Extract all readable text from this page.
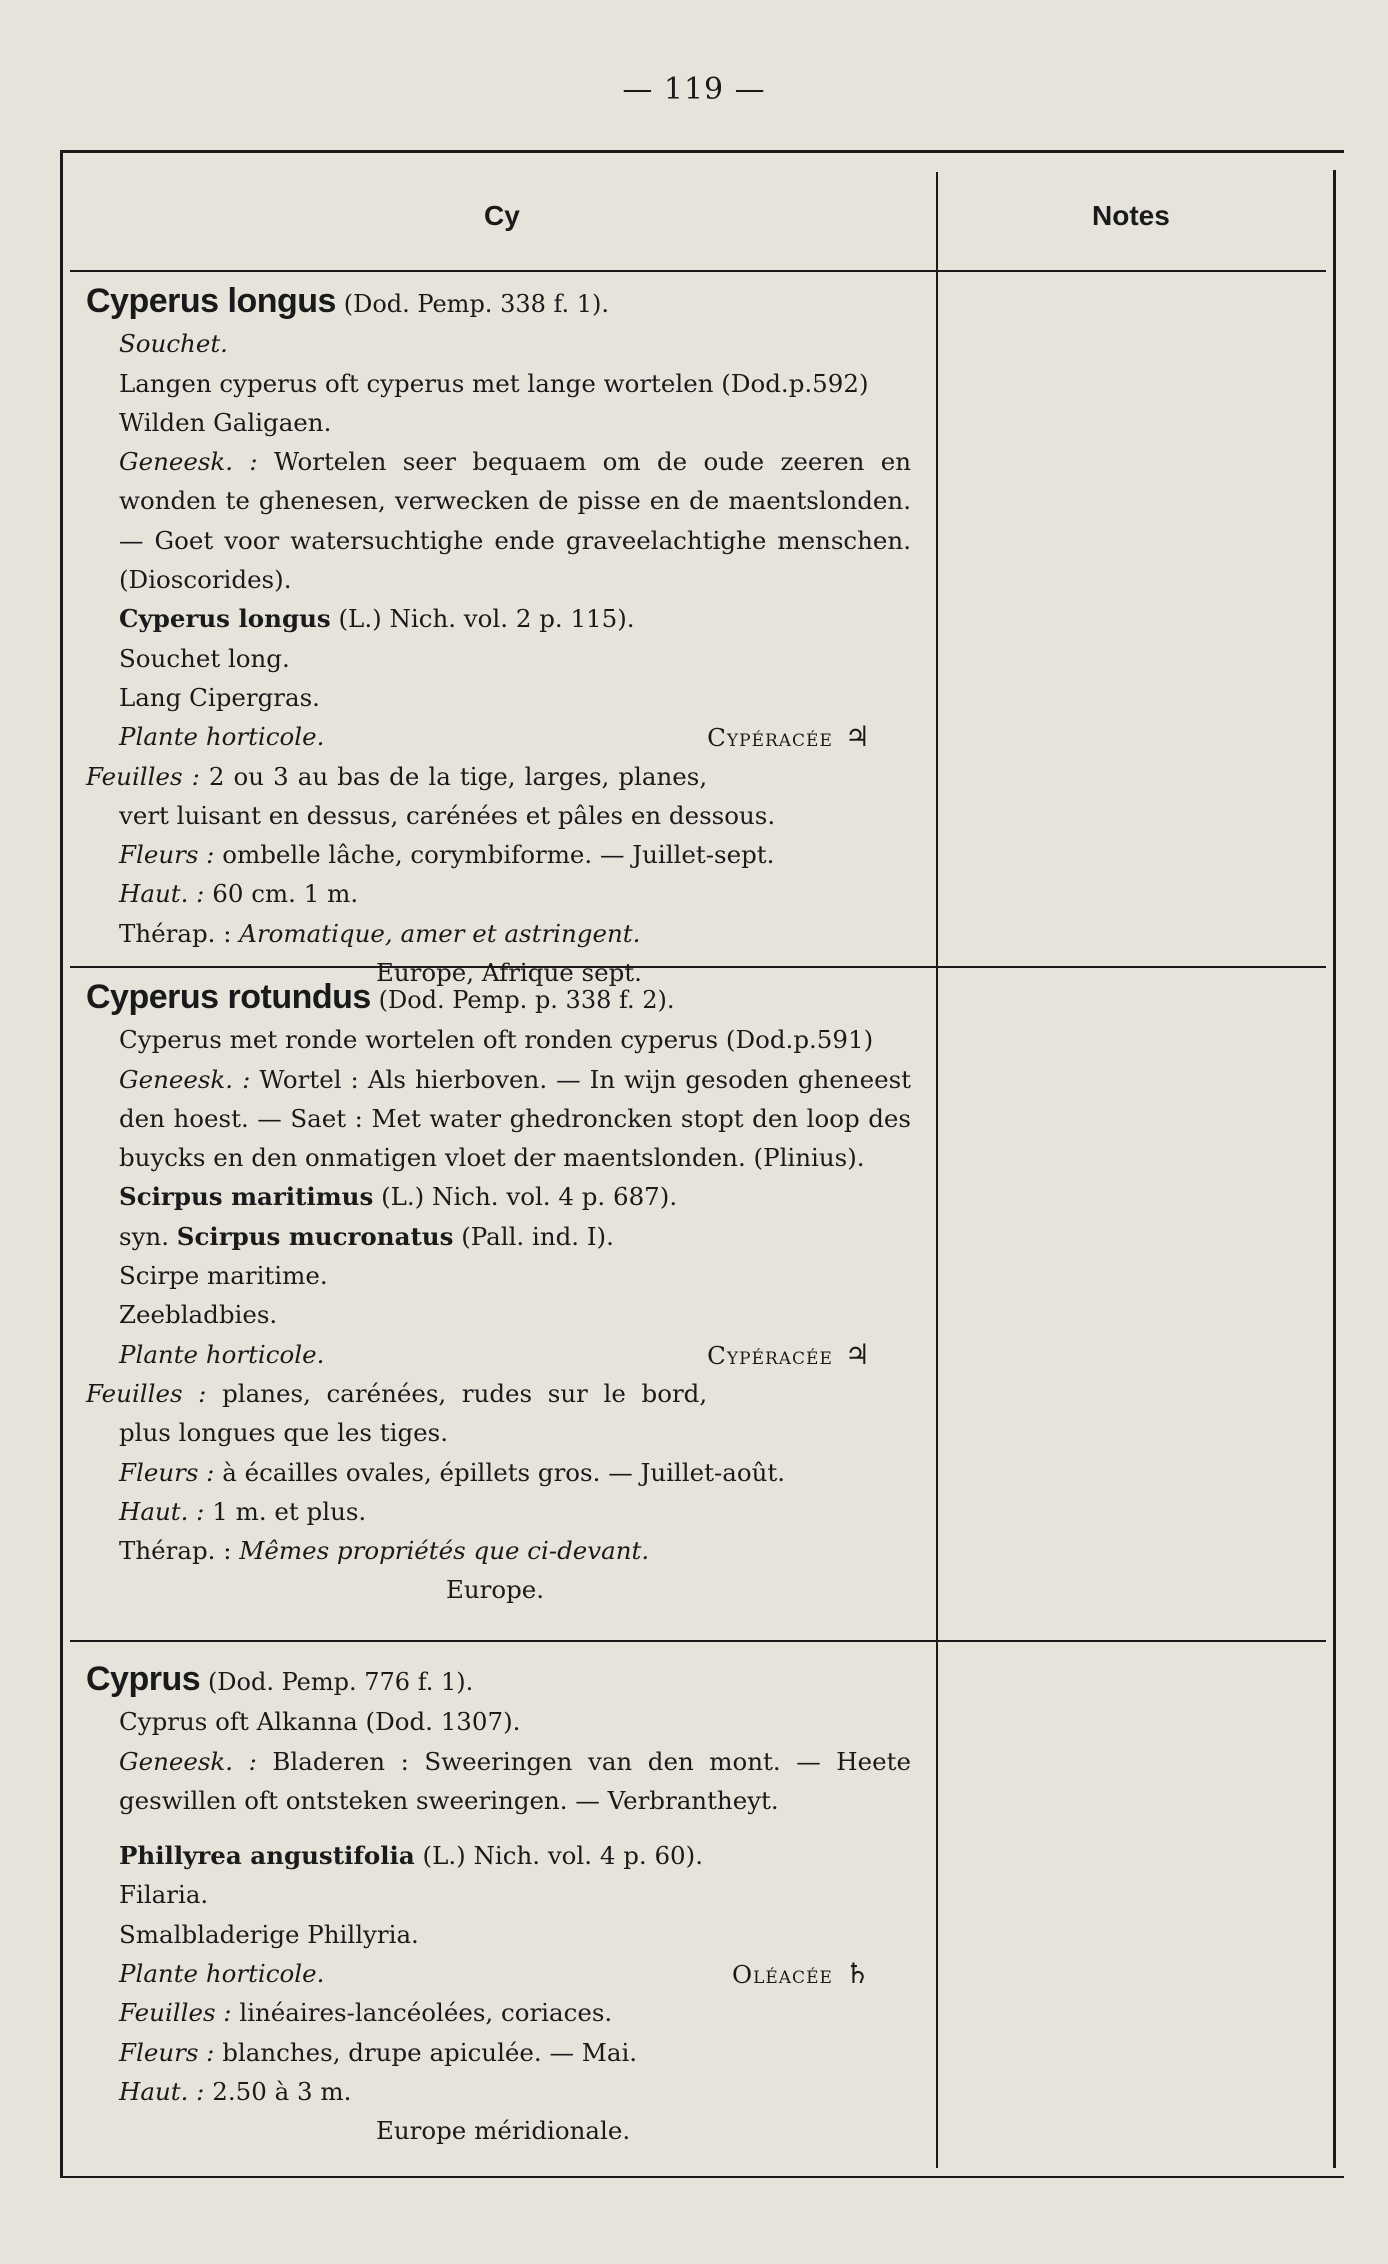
— 119 —
Cy	Notes

Cyperus longus (Dod. Pemp. 338 f. 1).

Souchet.

Langen cyperus oft cyperus met lange wortelen (Dod.p.592)

Wilden Galigaen.

Geneesk. : Wortelen seer bequaem om de oude zeeren en wonden te ghenesen, verwecken de pisse en de maentslonden. — Goet voor watersuchtighe ende graveelachtighe menschen. (Dioscorides).

Cyperus longus (L.) Nich. vol. 2 p. 115).

Souchet long.

Lang Cipergras.

Plante horticole.	Cypéracée ♃

Feuilles : 2 ou 3 au bas de la tige, larges, planes, vert luisant en dessus, carénées et pâles en dessous.

Fleurs : ombelle lâche, corymbiforme. — Juillet-sept.

Haut. : 60 cm. 1 m.

Thérap. : Aromatique, amer et astringent.

Europe, Afrique sept.

Cyperus rotundus (Dod. Pemp. p. 338 f. 2).

Cyperus met ronde wortelen oft ronden cyperus (Dod.p.591)

Geneesk. : Wortel : Als hierboven. — In wijn gesoden gheneest den hoest. — Saet : Met water ghedroncken stopt den loop des buycks en den onmatigen vloet der maentslonden. (Plinius).

Scirpus maritimus (L.) Nich. vol. 4 p. 687).

syn. Scirpus mucronatus (Pall. ind. I).

Scirpe maritime.

Zeebladbies.

Plante horticole.	Cypéracée ♃

Feuilles : planes, carénées, rudes sur le bord, plus longues que les tiges.

Fleurs : à écailles ovales, épillets gros. — Juillet-août.

Haut. : 1 m. et plus.

Thérap. : Mêmes propriétés que ci-devant.

Europe.

Cyprus (Dod. Pemp. 776 f. 1).

Cyprus oft Alkanna (Dod. 1307).

Geneesk. : Bladeren : Sweeringen van den mont. — Heete geswillen oft ontsteken sweeringen. — Verbrantheyt.

Phillyrea angustifolia (L.) Nich. vol. 4 p. 60).

Filaria.

Smalbladerige Phillyria.

Plante horticole.	Oléacée ♄

Feuilles : linéaires-lancéolées, coriaces.

Fleurs : blanches, drupe apiculée. — Mai.

Haut. : 2.50 à 3 m.

Europe méridionale.
